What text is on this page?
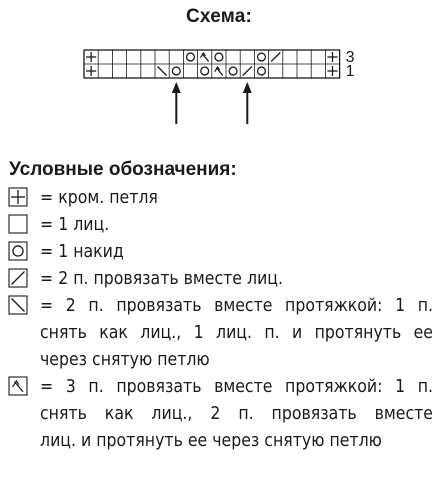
Схема:
3
1
Условные обозначения:
= кром. петля
= 1 лиц.
= 1 накид
= 2 п. провязать вместе лиц.
= 2 п. провязать вместе протяжкой: 1 п.
снять как лиц., 1 лиц. п. и протянуть ее
через снятую петлю
= 3 п. провязать вместе протяжкой: 1 п.
снять как лиц., 2 п. провязать вместе
лиц. и протянуть ее через снятую петлю
